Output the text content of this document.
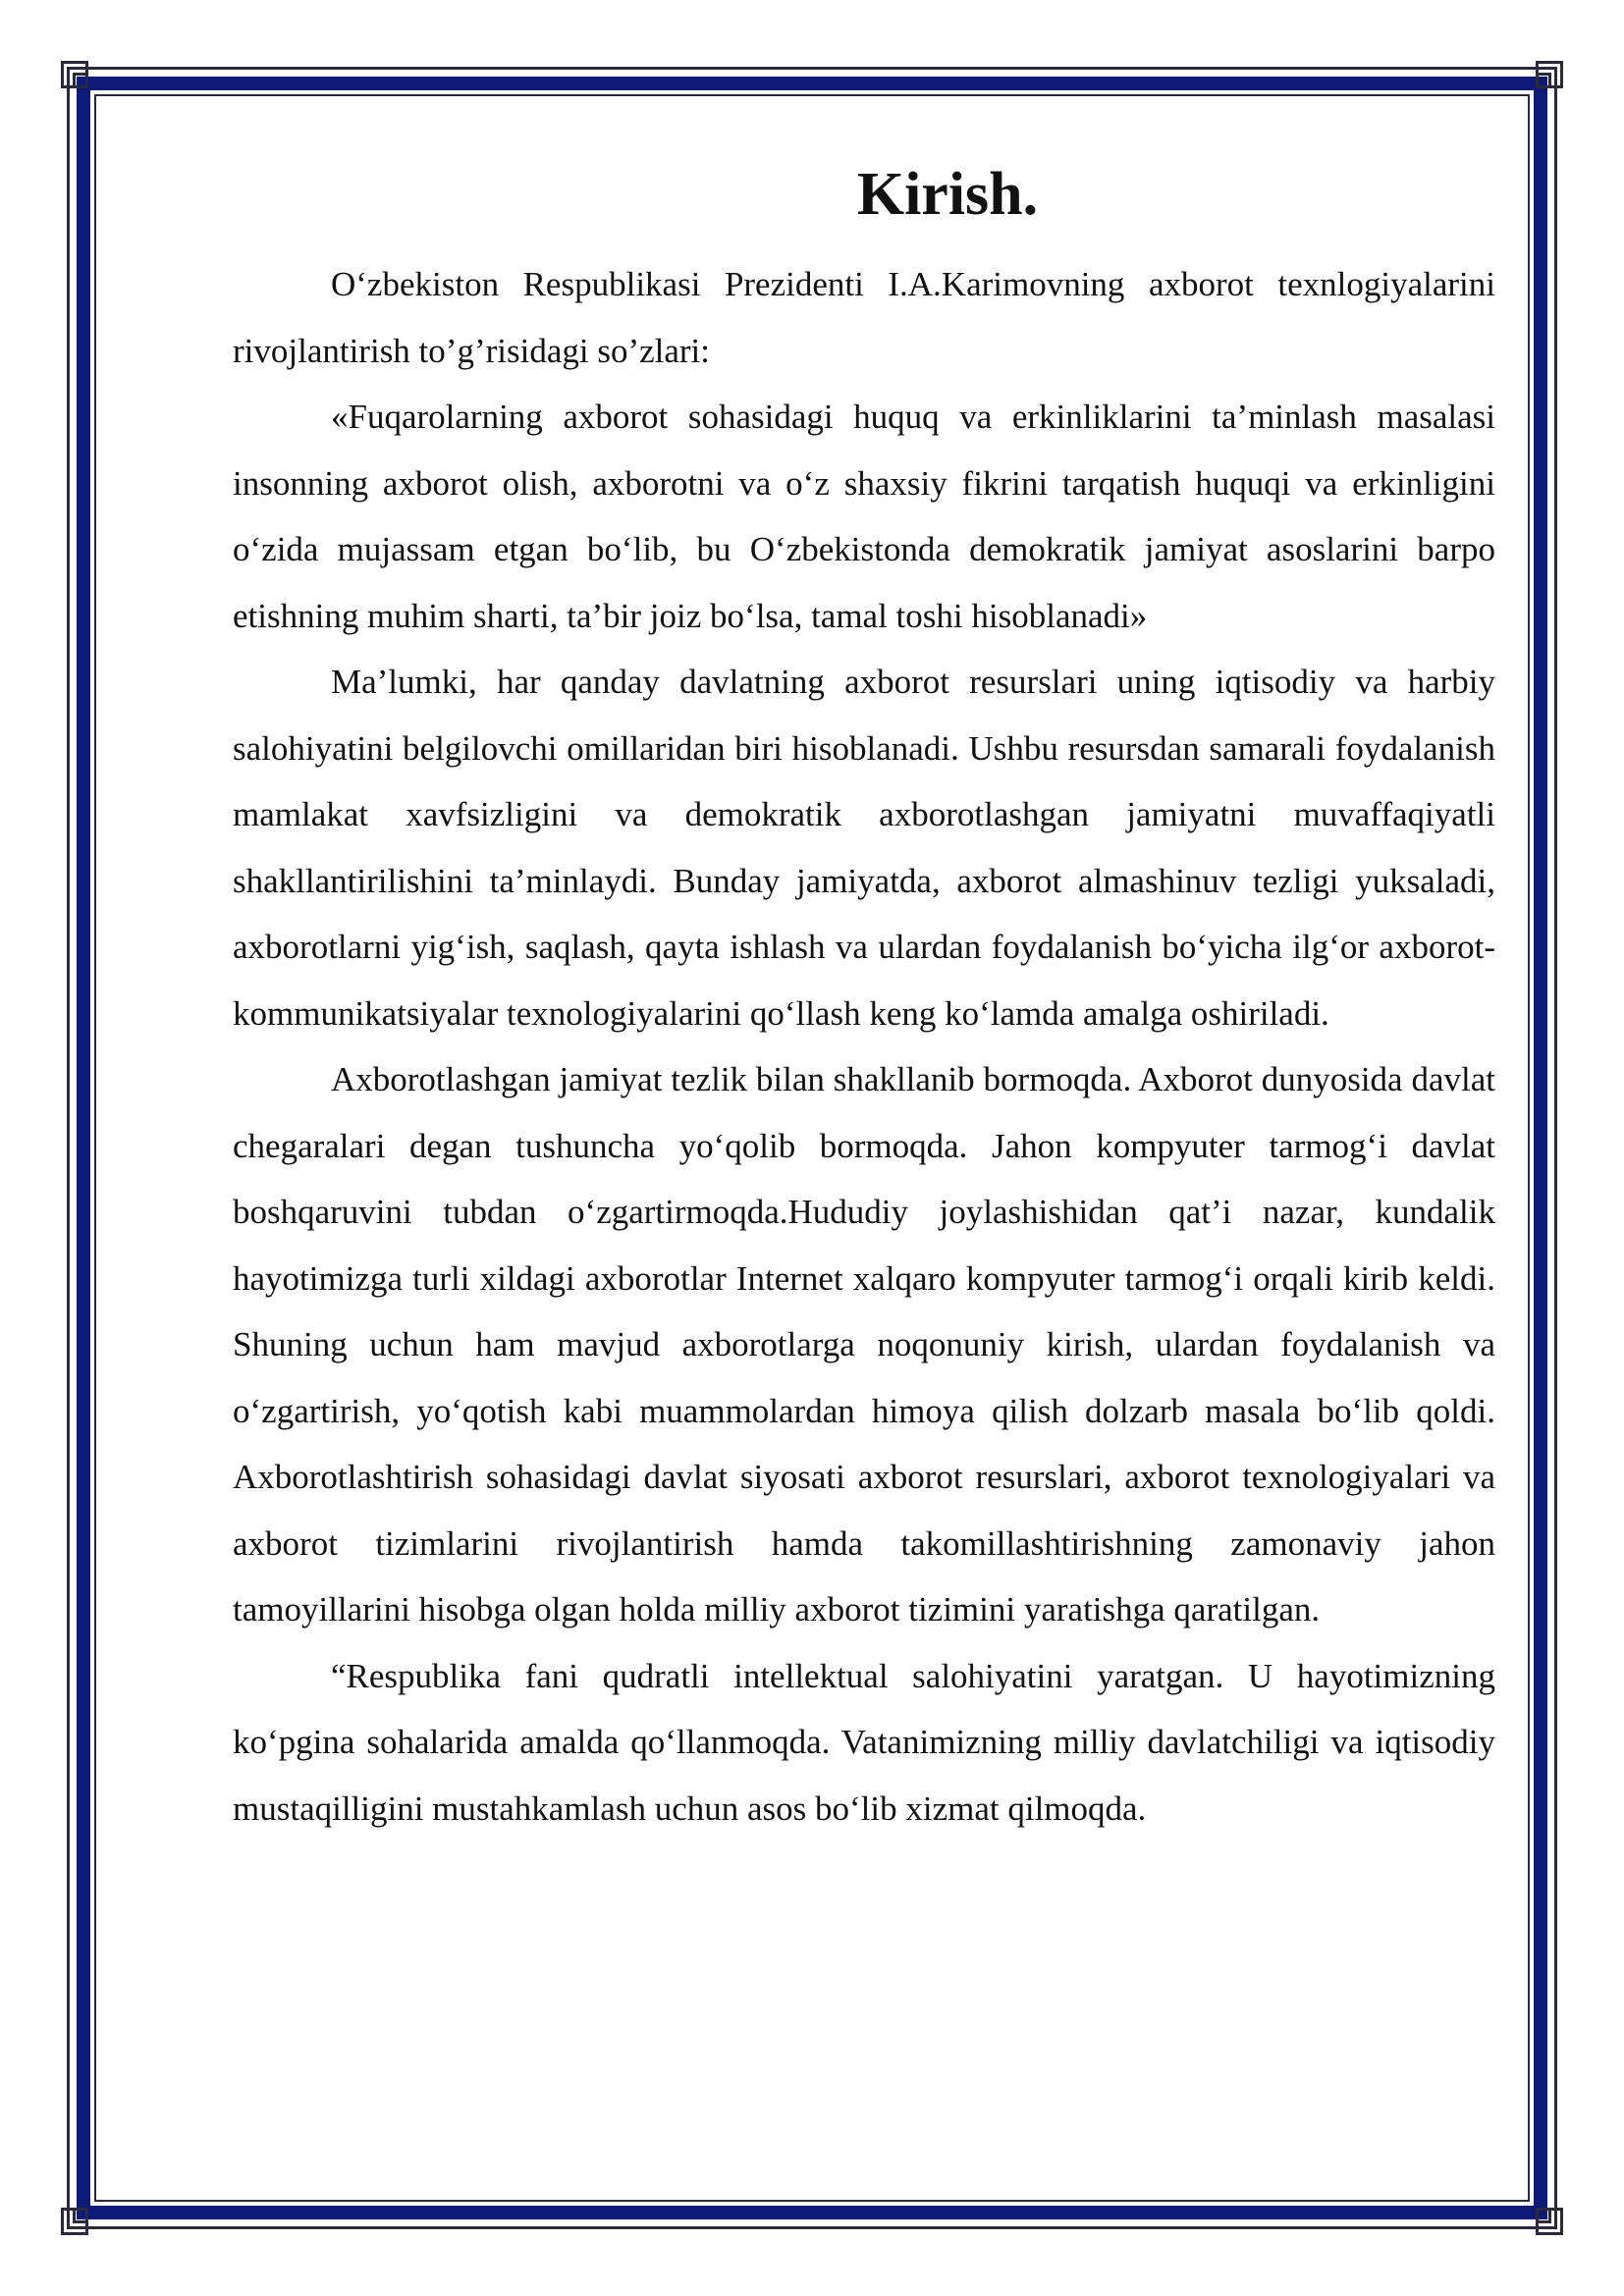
Kirish.

O‘zbekiston Respublikasi Prezidenti I.A.Karimovning axborot texnlogiyalarini rivojlantirish to’g’risidagi so’zlari:

«Fuqarolarning axborot sohasidagi huquq va erkinliklarini ta’minlash masalasi insonning axborot olish, axborotni va o‘z shaxsiy fikrini tarqatish huquqi va erkinligini o‘zida mujassam etgan bo‘lib, bu O‘zbekistonda demokratik jamiyat asoslarini barpo etishning muhim sharti, ta’bir joiz bo‘lsa, tamal toshi hisoblanadi»

Ma’lumki, har qanday davlatning axborot resurslari uning iqtisodiy va harbiy salohiyatini belgilovchi omillaridan biri hisoblanadi. Ushbu resursdan samarali foydalanish mamlakat xavfsizligini va demokratik axborotlashgan jamiyatni muvaffaqiyatli shakllantirilishini ta’minlaydi. Bunday jamiyatda, axborot almashinuv tezligi yuksaladi, axborotlarni yig‘ish, saqlash, qayta ishlash va ulardan foydalanish bo‘yicha ilg‘or axborot-kommunikatsiyalar texnologiyalarini qo‘llash keng ko‘lamda amalga oshiriladi.

Axborotlashgan jamiyat tezlik bilan shakllanib bormoqda. Axborot dunyosida davlat chegaralari degan tushuncha yo‘qolib bormoqda. Jahon kompyuter tarmog‘i davlat boshqaruvini tubdan o‘zgartirmoqda.Hududiy joylashishidan qat’i nazar, kundalik hayotimizga turli xildagi axborotlar Internet xalqaro kompyuter tarmog‘i orqali kirib keldi. Shuning uchun ham mavjud axborotlarga noqonuniy kirish, ulardan foydalanish va o‘zgartirish, yo‘qotish kabi muammolardan himoya qilish dolzarb masala bo‘lib qoldi. Axborotlashtirish sohasidagi davlat siyosati axborot resurslari, axborot texnologiyalari va axborot tizimlarini rivojlantirish hamda takomillashtirishning zamonaviy jahon tamoyillarini hisobga olgan holda milliy axborot tizimini yaratishga qaratilgan.

“Respublika fani qudratli intellektual salohiyatini yaratgan. U hayotimizning ko‘pgina sohalarida amalda qo‘llanmoqda. Vatanimizning milliy davlatchiligi va iqtisodiy mustaqilligini mustahkamlash uchun asos bo‘lib xizmat qilmoqda.
